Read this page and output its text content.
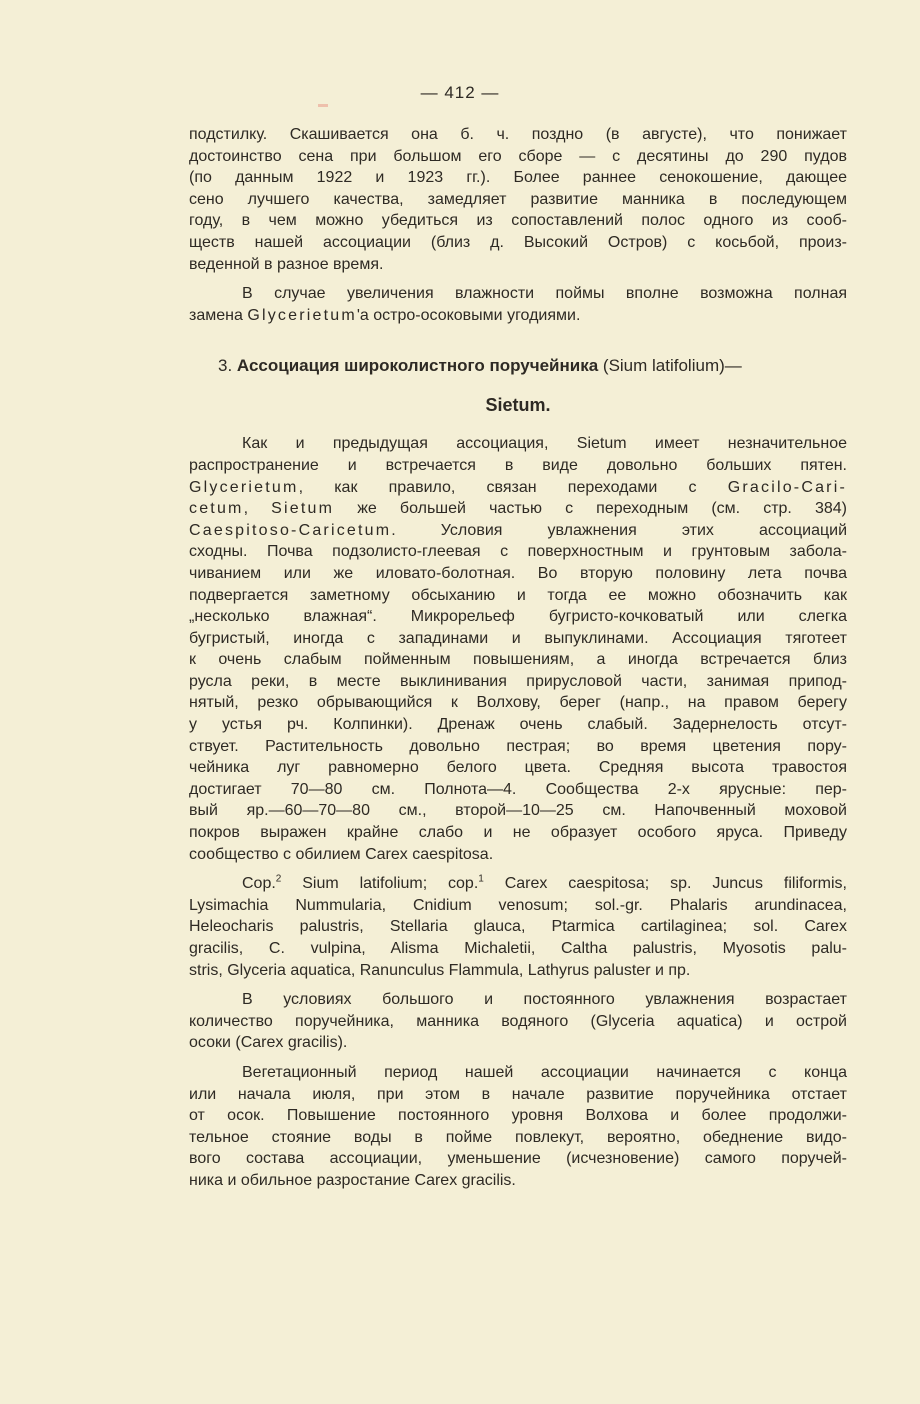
— 412 —
подстилку. Скашивается она б. ч. поздно (в августе), что понижает
достоинство сена при большом его сборе — с десятины до 290 пудов
(по данным 1922 и 1923 гг.). Более раннее сенокошение, дающее
сено лучшего качества, замедляет развитие манника в последующем
году, в чем можно убедиться из сопоставлений полос одного из сооб-
ществ нашей ассоциации (близ д. Высокий Остров) с косьбой, произ-
веденной в разное время.
В случае увеличения влажности поймы вполне возможна полная
замена Glycerietum'а остро-осоковыми угодиями.
3. Ассоциация широколистного поручейника (Sium latifolium)—
Sietum.
Как и предыдущая ассоциация, Sietum имеет незначительное
распространение и встречается в виде довольно больших пятен.
Glycerietum, как правило, связан переходами с Gracilo-Cari-
cetum, Sietum же большей частью с переходным (см. стр. 384)
Caespitoso-Caricetum. Условия увлажнения этих ассоциаций
сходны. Почва подзолисто-глеевая с поверхностным и грунтовым забола-
чиванием или же иловато-болотная. Во вторую половину лета почва
подвергается заметному обсыханию и тогда ее можно обозначить как
„несколько влажная“. Микрорельеф бугристо-кочковатый или слегка
бугристый, иногда с западинами и выпуклинами. Ассоциация тяготеет
к очень слабым пойменным повышениям, а иногда встречается близ
русла реки, в месте выклинивания прирусловой части, занимая припод-
нятый, резко обрывающийся к Волхову, берег (напр., на правом берегу
у устья рч. Колпинки). Дренаж очень слабый. Задернелость отсут-
ствует. Растительность довольно пестрая; во время цветения пору-
чейника луг равномерно белого цвета. Средняя высота травостоя
достигает 70—80 см. Полнота—4. Сообщества 2-х ярусные: пер-
вый яр.—60—70—80 см., второй—10—25 см. Напочвенный моховой
покров выражен крайне слабо и не образует особого яруса. Приведу
сообщество с обилием Carex caespitosa.
Cop.$^2$ Sium latifolium; cop.$^1$ Carex caespitosa; sp. Juncus filiformis,
Lysimachia Nummularia, Cnidium venosum; sol.-gr. Phalaris arundinacea,
Heleocharis palustris, Stellaria glauca, Ptarmica cartilaginea; sol. Carex
gracilis, C. vulpina, Alisma Michaletii, Caltha palustris, Myosotis palu-
stris, Glyceria aquatica, Ranunculus Flammula, Lathyrus paluster и пр.
В условиях большого и постоянного увлажнения возрастает
количество поручейника, манника водяного (Glyceria aquatica) и острой
осоки (Carex gracilis).
Вегетационный период нашей ассоциации начинается с конца
или начала июля, при этом в начале развитие поручейника отстает
от осок. Повышение постоянного уровня Волхова и более продолжи-
тельное стояние воды в пойме повлекут, вероятно, обеднение видо-
вого состава ассоциации, уменьшение (исчезновение) самого поручей-
ника и обильное разростание Carex gracilis.
